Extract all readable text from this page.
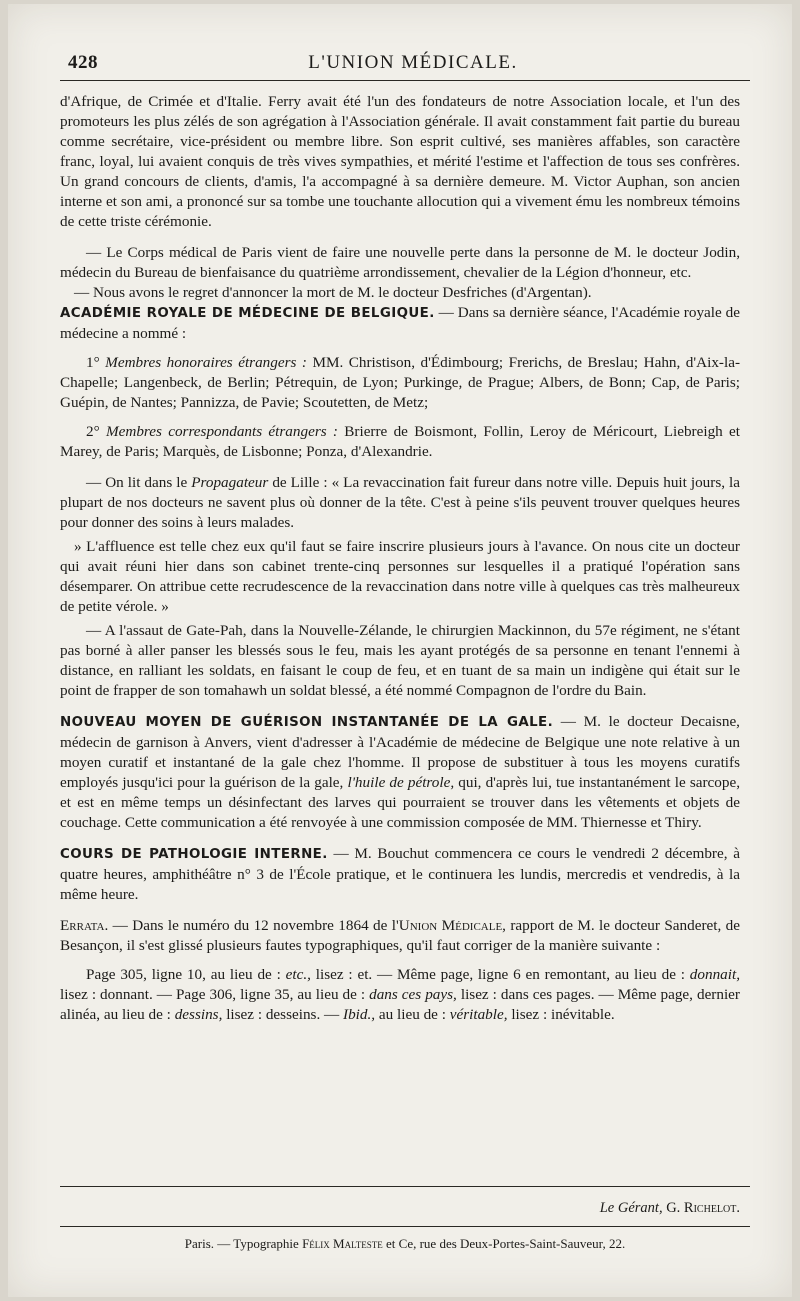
428	L'UNION MÉDICALE.

d'Afrique, de Crimée et d'Italie. Ferry avait été l'un des fondateurs de notre Association locale, et l'un des promoteurs les plus zélés de son agrégation à l'Association générale. Il avait constamment fait partie du bureau comme secrétaire, vice-président ou membre libre. Son esprit cultivé, ses manières affables, son caractère franc, loyal, lui avaient conquis de très vives sympathies, et mérité l'estime et l'affection de tous ses confrères. Un grand concours de clients, d'amis, l'a accompagné à sa dernière demeure. M. Victor Auphan, son ancien interne et son ami, a prononcé sur sa tombe une touchante allocution qui a vivement ému les nombreux témoins de cette triste cérémonie.

— Le Corps médical de Paris vient de faire une nouvelle perte dans la personne de M. le docteur Jodin, médecin du Bureau de bienfaisance du quatrième arrondissement, chevalier de la Légion d'honneur, etc.

— Nous avons le regret d'annoncer la mort de M. le docteur Desfriches (d'Argentan).

ACADÉMIE ROYALE DE MÉDECINE DE BELGIQUE. — Dans sa dernière séance, l'Académie royale de médecine a nommé :

1° Membres honoraires étrangers : MM. Christison, d'Édimbourg; Frerichs, de Breslau; Hahn, d'Aix-la-Chapelle; Langenbeck, de Berlin; Pétrequin, de Lyon; Purkinge, de Prague; Albers, de Bonn; Cap, de Paris; Guépin, de Nantes; Pannizza, de Pavie; Scoutetten, de Metz;

2° Membres correspondants étrangers : Brierre de Boismont, Follin, Leroy de Méricourt, Liebreigh et Marey, de Paris; Marquès, de Lisbonne; Ponza, d'Alexandrie.

— On lit dans le Propagateur de Lille : « La revaccination fait fureur dans notre ville. Depuis huit jours, la plupart de nos docteurs ne savent plus où donner de la tête. C'est à peine s'ils peuvent trouver quelques heures pour donner des soins à leurs malades.

» L'affluence est telle chez eux qu'il faut se faire inscrire plusieurs jours à l'avance. On nous cite un docteur qui avait réuni hier dans son cabinet trente-cinq personnes sur lesquelles il a pratiqué l'opération sans désemparer. On attribue cette recrudescence de la revaccination dans notre ville à quelques cas très malheureux de petite vérole. »

— A l'assaut de Gate-Pah, dans la Nouvelle-Zélande, le chirurgien Mackinnon, du 57e régiment, ne s'étant pas borné à aller panser les blessés sous le feu, mais les ayant protégés de sa personne en tenant l'ennemi à distance, en ralliant les soldats, en faisant le coup de feu, et en tuant de sa main un indigène qui était sur le point de frapper de son tomahawh un soldat blessé, a été nommé Compagnon de l'ordre du Bain.

NOUVEAU MOYEN DE GUÉRISON INSTANTANÉE DE LA GALE. — M. le docteur Decaisne, médecin de garnison à Anvers, vient d'adresser à l'Académie de médecine de Belgique une note relative à un moyen curatif et instantané de la gale chez l'homme. Il propose de substituer à tous les moyens curatifs employés jusqu'ici pour la guérison de la gale, l'huile de pétrole, qui, d'après lui, tue instantanément le sarcope, et est en même temps un désinfectant des larves qui pourraient se trouver dans les vêtements et objets de couchage. Cette communication a été renvoyée à une commission composée de MM. Thiernesse et Thiry.

COURS DE PATHOLOGIE INTERNE. — M. Bouchut commencera ce cours le vendredi 2 décembre, à quatre heures, amphithéâtre n° 3 de l'École pratique, et le continuera les lundis, mercredis et vendredis, à la même heure.

Errata. — Dans le numéro du 12 novembre 1864 de l'Union Médicale, rapport de M. le docteur Sanderet, de Besançon, il s'est glissé plusieurs fautes typographiques, qu'il faut corriger de la manière suivante :

Page 305, ligne 10, au lieu de : etc., lisez : et. — Même page, ligne 6 en remontant, au lieu de : donnait, lisez : donnant. — Page 306, ligne 35, au lieu de : dans ces pays, lisez : dans ces pages. — Même page, dernier alinéa, au lieu de : dessins, lisez : desseins. — Ibid., au lieu de : véritable, lisez : inévitable.

Le Gérant, G. Richelot.
Paris. — Typographie Félix Malteste et Ce, rue des Deux-Portes-Saint-Sauveur, 22.
